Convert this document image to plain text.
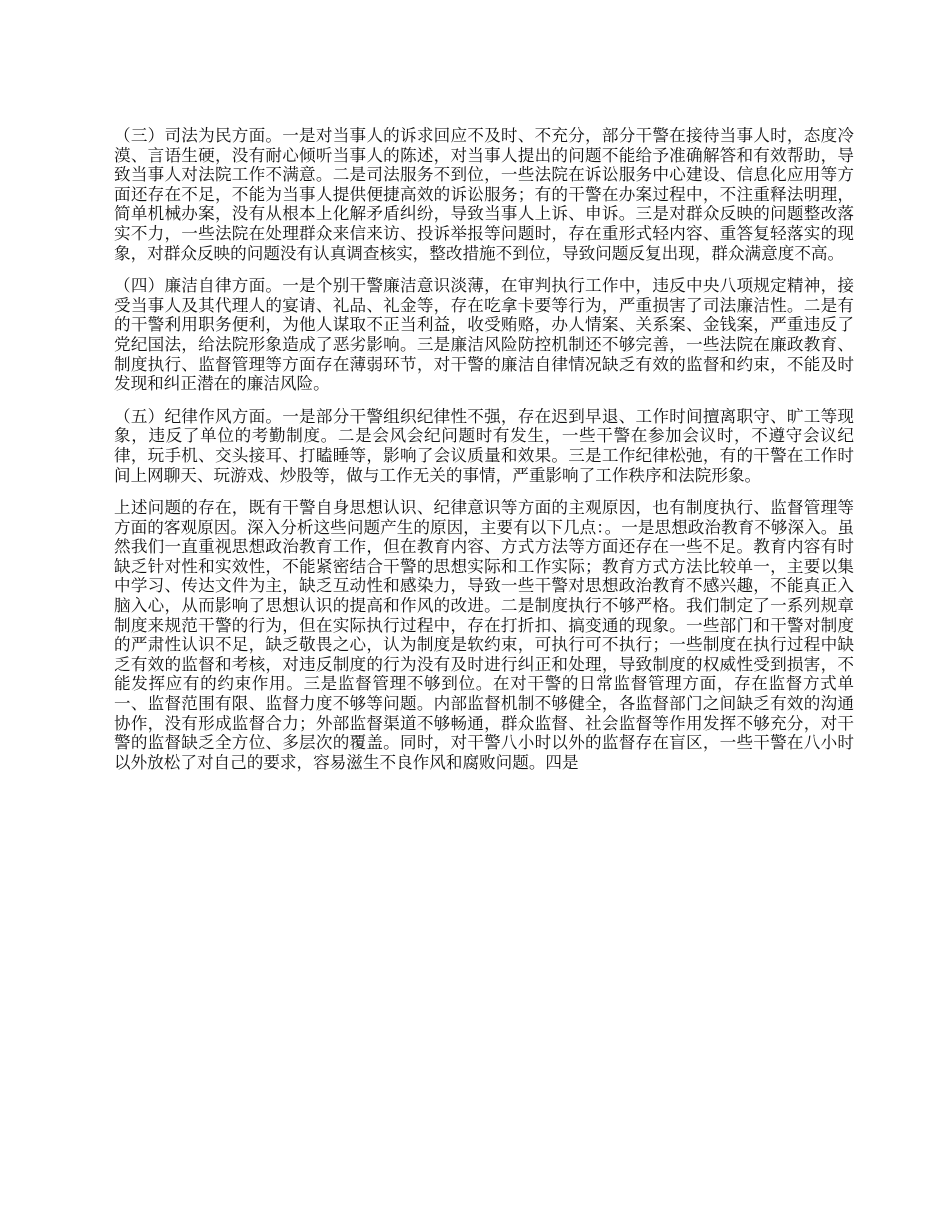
（三）司法为民方面。一是对当事人的诉求回应不及时、不充分，部分干警在接待当事人时，态度冷漠、言语生硬，没有耐心倾听当事人的陈述，对当事人提出的问题不能给予准确解答和有效帮助，导致当事人对法院工作不满意。二是司法服务不到位，一些法院在诉讼服务中心建设、信息化应用等方面还存在不足，不能为当事人提供便捷高效的诉讼服务；有的干警在办案过程中，不注重释法明理，简单机械办案，没有从根本上化解矛盾纠纷，导致当事人上诉、申诉。三是对群众反映的问题整改落实不力，一些法院在处理群众来信来访、投诉举报等问题时，存在重形式轻内容、重答复轻落实的现象，对群众反映的问题没有认真调查核实，整改措施不到位，导致问题反复出现，群众满意度不高。

（四）廉洁自律方面。一是个别干警廉洁意识淡薄，在审判执行工作中，违反中央八项规定精神，接受当事人及其代理人的宴请、礼品、礼金等，存在吃拿卡要等行为，严重损害了司法廉洁性。二是有的干警利用职务便利，为他人谋取不正当利益，收受贿赂，办人情案、关系案、金钱案，严重违反了党纪国法，给法院形象造成了恶劣影响。三是廉洁风险防控机制还不够完善，一些法院在廉政教育、制度执行、监督管理等方面存在薄弱环节，对干警的廉洁自律情况缺乏有效的监督和约束，不能及时发现和纠正潜在的廉洁风险。

（五）纪律作风方面。一是部分干警组织纪律性不强，存在迟到早退、工作时间擅离职守、旷工等现象，违反了单位的考勤制度。二是会风会纪问题时有发生，一些干警在参加会议时，不遵守会议纪律，玩手机、交头接耳、打瞌睡等，影响了会议质量和效果。三是工作纪律松弛，有的干警在工作时间上网聊天、玩游戏、炒股等，做与工作无关的事情，严重影响了工作秩序和法院形象。

上述问题的存在，既有干警自身思想认识、纪律意识等方面的主观原因，也有制度执行、监督管理等方面的客观原因。深入分析这些问题产生的原因，主要有以下几点：。一是思想政治教育不够深入。虽然我们一直重视思想政治教育工作，但在教育内容、方式方法等方面还存在一些不足。教育内容有时缺乏针对性和实效性，不能紧密结合干警的思想实际和工作实际；教育方式方法比较单一，主要以集中学习、传达文件为主，缺乏互动性和感染力，导致一些干警对思想政治教育不感兴趣，不能真正入脑入心，从而影响了思想认识的提高和作风的改进。二是制度执行不够严格。我们制定了一系列规章制度来规范干警的行为，但在实际执行过程中，存在打折扣、搞变通的现象。一些部门和干警对制度的严肃性认识不足，缺乏敬畏之心，认为制度是软约束，可执行可不执行；一些制度在执行过程中缺乏有效的监督和考核，对违反制度的行为没有及时进行纠正和处理，导致制度的权威性受到损害，不能发挥应有的约束作用。三是监督管理不够到位。在对干警的日常监督管理方面，存在监督方式单一、监督范围有限、监督力度不够等问题。内部监督机制不够健全，各监督部门之间缺乏有效的沟通协作，没有形成监督合力；外部监督渠道不够畅通，群众监督、社会监督等作用发挥不够充分，对干警的监督缺乏全方位、多层次的覆盖。同时，对干警八小时以外的监督存在盲区，一些干警在八小时以外放松了对自己的要求，容易滋生不良作风和腐败问题。四是
